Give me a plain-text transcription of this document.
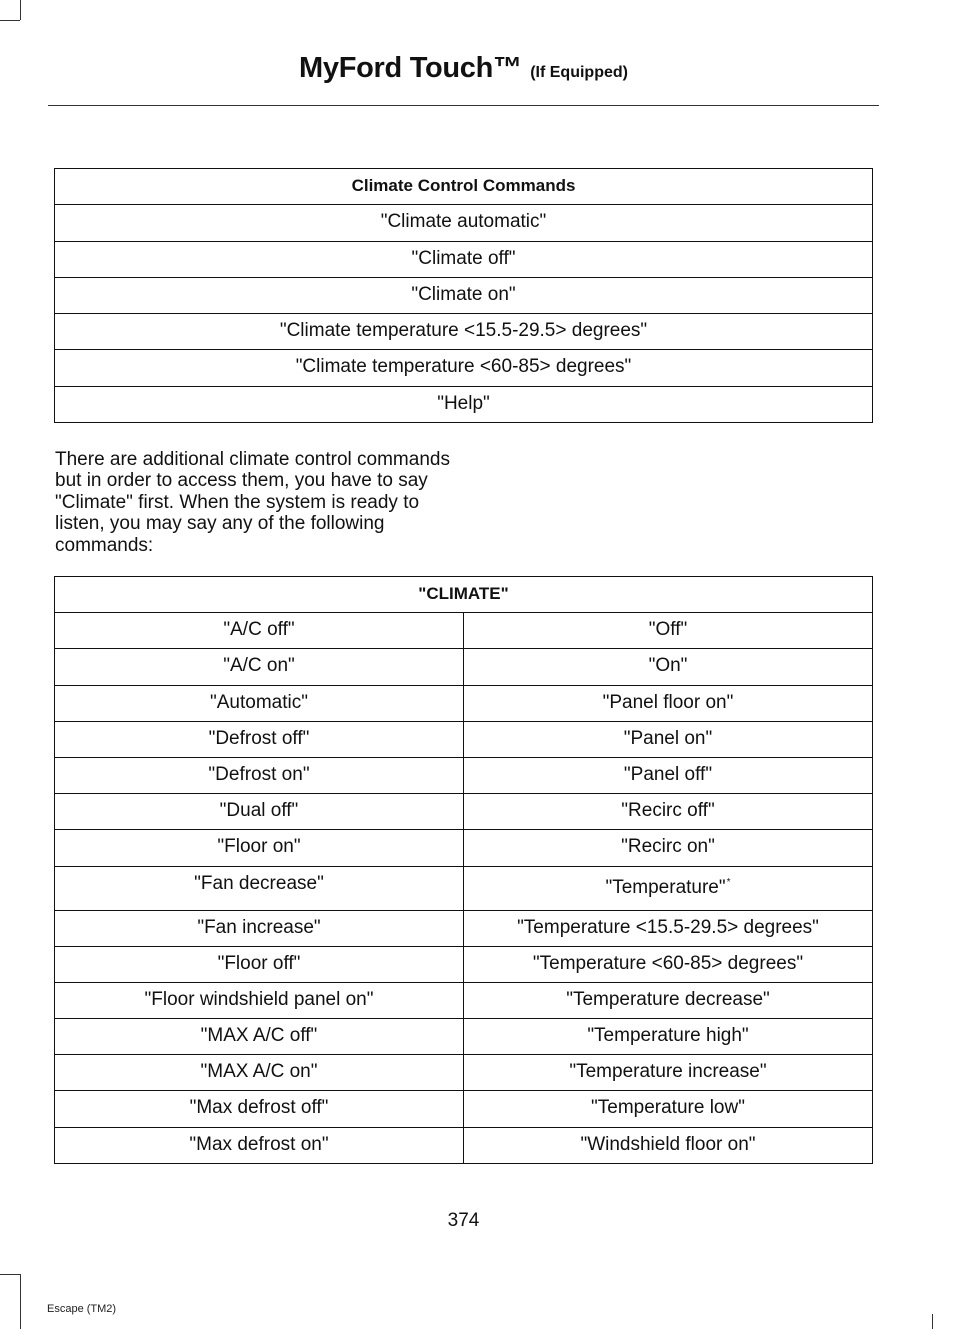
MyFord Touch™ (If Equipped)
Climate Control Commands
"Climate automatic"
"Climate off"
"Climate on"
"Climate temperature <15.5-29.5> degrees"
"Climate temperature <60-85> degrees"
"Help"
There are additional climate control commands but in order to access them, you have to say "Climate" first. When the system is ready to listen, you may say any of the following commands:
"CLIMATE"	
"A/C off"	"Off"
"A/C on"	"On"
"Automatic"	"Panel floor on"
"Defrost off"	"Panel on"
"Defrost on"	"Panel off"
"Dual off"	"Recirc off"
"Floor on"	"Recirc on"
"Fan decrease"	"Temperature"*
"Fan increase"	"Temperature <15.5-29.5> degrees"
"Floor off"	"Temperature <60-85> degrees"
"Floor windshield panel on"	"Temperature decrease"
"MAX A/C off"	"Temperature high"
"MAX A/C on"	"Temperature increase"
"Max defrost off"	"Temperature low"
"Max defrost on"	"Windshield floor on"
374
Escape (TM2)
